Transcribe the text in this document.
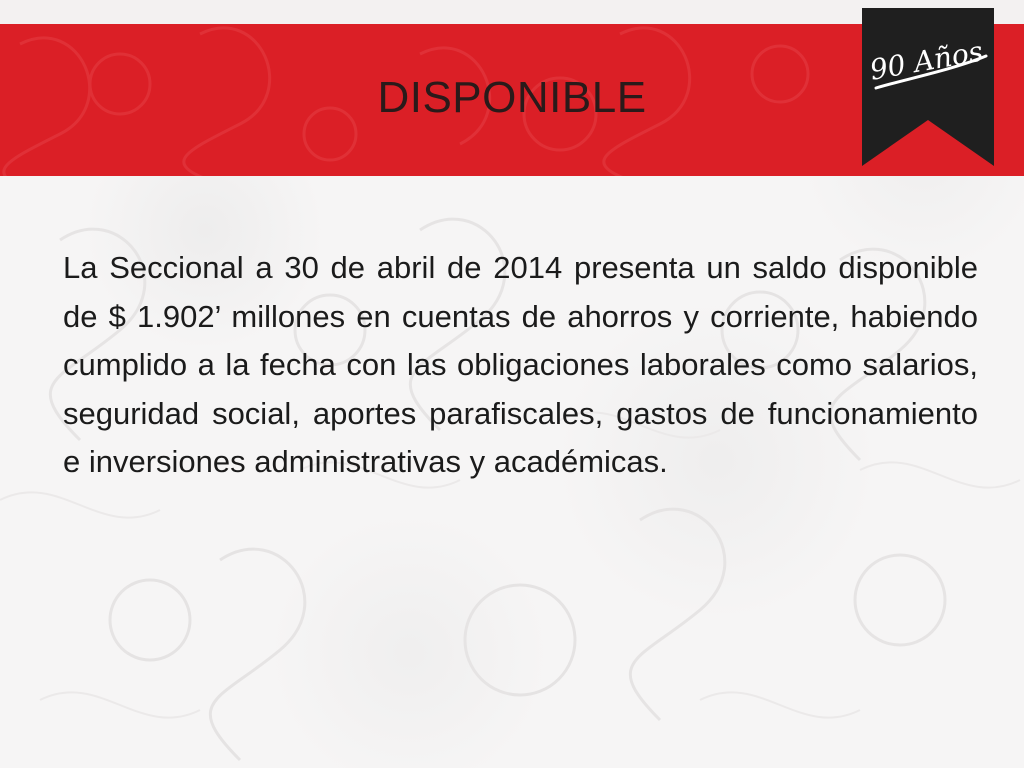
DISPONIBLE
90 Años

La Seccional a 30 de abril de 2014 presenta un saldo disponible de $ 1.902’ millones en cuentas de ahorros y corriente, habiendo cumplido a la fecha con las obligaciones laborales como salarios, seguridad social, aportes parafiscales, gastos de funcionamiento e inversiones administrativas y académicas.
